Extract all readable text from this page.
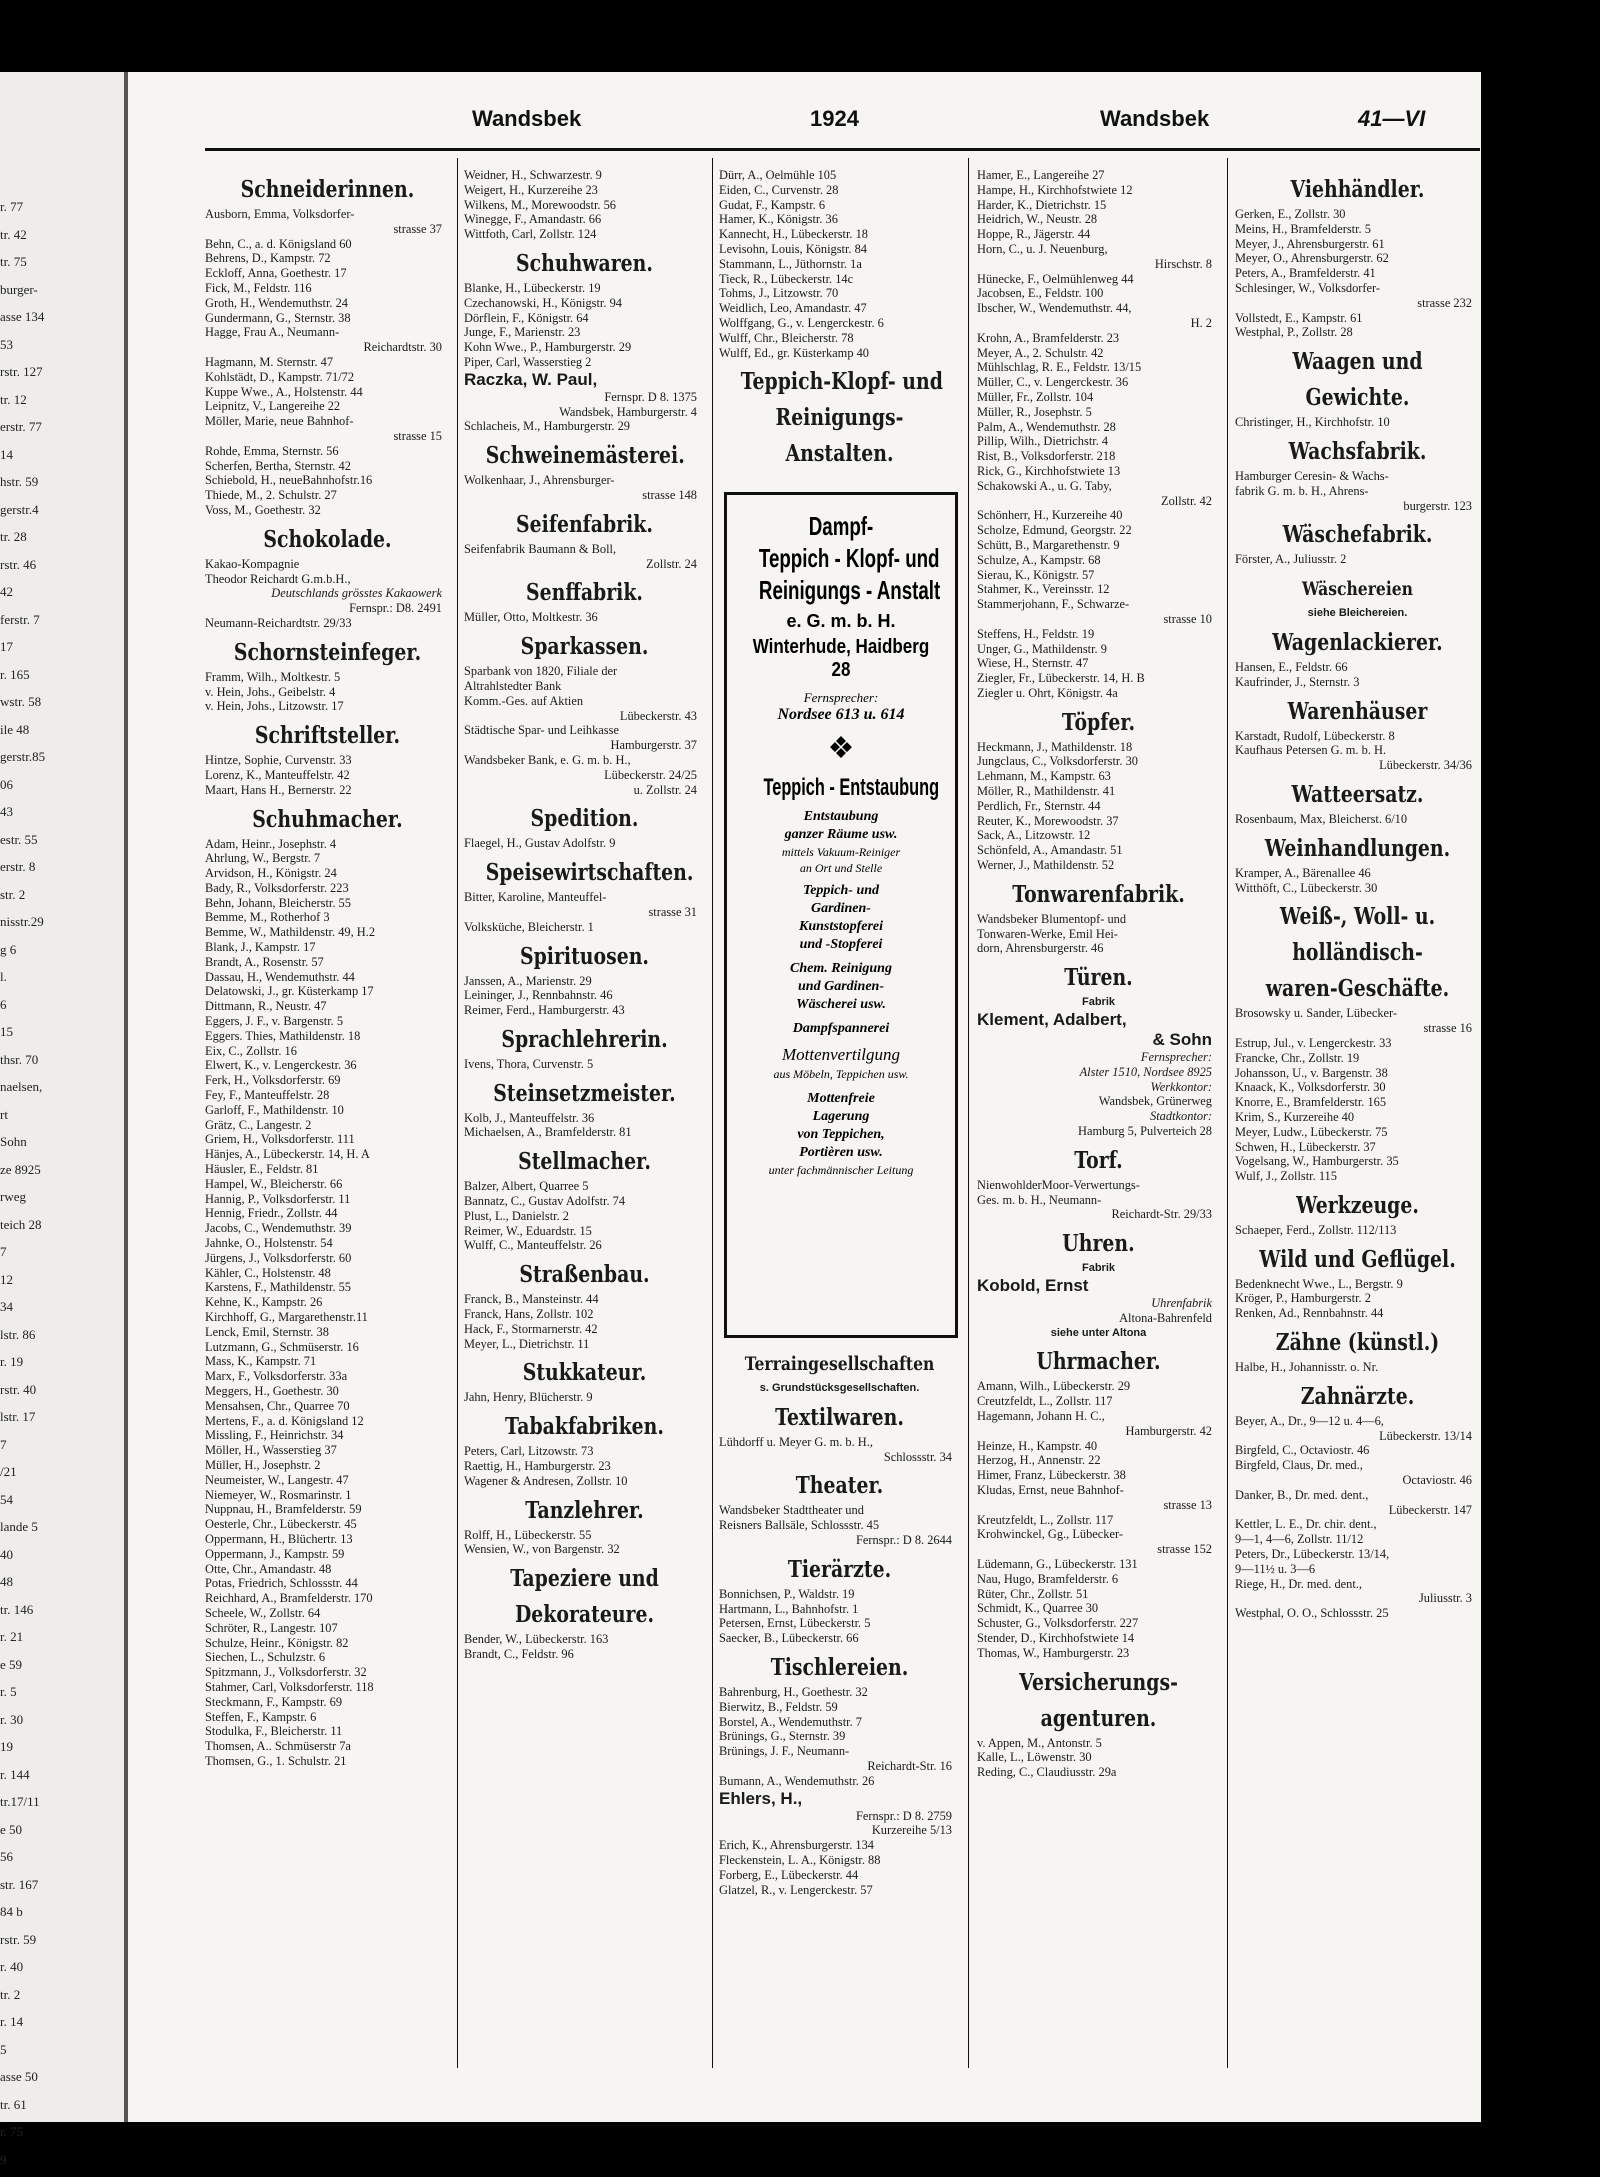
r. 77
tr. 42
tr. 75
burger-
asse 134
53
rstr. 127
tr. 12
erstr. 77
14
hstr. 59
gerstr.4
tr. 28
rstr. 46
42
ferstr. 7
17
r. 165
wstr. 58
ile 48
gerstr.85
06
43
estr. 55
erstr. 8
str. 2
nisstr.29
g 6
l.
6
15
thsr. 70
naelsen,
rt
Sohn
ze 8925
rweg
teich 28
7
12
34
lstr. 86
r. 19
rstr. 40
lstr. 17
7
/21
54
lande 5
40
48
tr. 146
r. 21
e 59
r. 5
r. 30
19
r. 144
tr.17/11
e 50
56
str. 167
84 b
rstr. 59
r. 40
tr. 2
r. 14
5
asse 50
tr. 61
r. 75
9
Wandsbek	1924	Wandsbek	41—VI
Schneiderinnen.
Ausborn, Emma, Volksdorfer-
strasse 37
Behn, C., a. d. Königsland 60
Behrens, D., Kampstr. 72
Eckloff, Anna, Goethestr. 17
Fick, M., Feldstr. 116
Groth, H., Wendemuthstr. 24
Gundermann, G., Sternstr. 38
Hagge, Frau A., Neumann-
Reichardtstr. 30
Hagmann, M. Sternstr. 47
Kohlstädt, D., Kampstr. 71/72
Kuppe Wwe., A., Holstenstr. 44
Leipnitz, V., Langereihe 22
Möller, Marie, neue Bahnhof-
strasse 15
Rohde, Emma, Sternstr. 56
Scherfen, Bertha, Sternstr. 42
Schiebold, H., neueBahnhofstr.16
Thiede, M., 2. Schulstr. 27
Voss, M., Goethestr. 32
Schokolade.
Kakao-Kompagnie
Theodor Reichardt G.m.b.H.,
Deutschlands grösstes Kakaowerk
Fernspr.: D8. 2491
Neumann-Reichardtstr. 29/33
Schornsteinfeger.
Framm, Wilh., Moltkestr. 5
v. Hein, Johs., Geibelstr. 4
v. Hein, Johs., Litzowstr. 17
Schriftsteller.
Hintze, Sophie, Curvenstr. 33
Lorenz, K., Manteuffelstr. 42
Maart, Hans H., Bernerstr. 22
Schuhmacher.
Adam, Heinr., Josephstr. 4
Ahrlung, W., Bergstr. 7
Arvidson, H., Königstr. 24
Bady, R., Volksdorferstr. 223
Behn, Johann, Bleicherstr. 55
Bemme, M., Rotherhof 3
Bemme, W., Mathildenstr. 49, H.2
Blank, J., Kampstr. 17
Brandt, A., Rosenstr. 57
Dassau, H., Wendemuthstr. 44
Delatowski, J., gr. Küsterkamp 17
Dittmann, R., Neustr. 47
Eggers, J. F., v. Bargenstr. 5
Eggers. Thies, Mathildenstr. 18
Eix, C., Zollstr. 16
Elwert, K., v. Lengerckestr. 36
Ferk, H., Volksdorferstr. 69
Fey, F., Manteuffelstr. 28
Garloff, F., Mathildenstr. 10
Grätz, C., Langestr. 2
Griem, H., Volksdorferstr. 111
Hänjes, A., Lübeckerstr. 14, H. A
Häusler, E., Feldstr. 81
Hampel, W., Bleicherstr. 66
Hannig, P., Volksdorferstr. 11
Hennig, Friedr., Zollstr. 44
Jacobs, C., Wendemuthstr. 39
Jahnke, O., Holstenstr. 54
Jürgens, J., Volksdorferstr. 60
Kähler, C., Holstenstr. 48
Karstens, F., Mathildenstr. 55
Kehne, K., Kampstr. 26
Kirchhoff, G., Margarethenstr.11
Lenck, Emil, Sternstr. 38
Lutzmann, G., Schmüserstr. 16
Mass, K., Kampstr. 71
Marx, F., Volksdorferstr. 33a
Meggers, H., Goethestr. 30
Mensahsen, Chr., Quarree 70
Mertens, F., a. d. Königsland 12
Missling, F., Heinrichstr. 34
Möller, H., Wasserstieg 37
Müller, H., Josephstr. 2
Neumeister, W., Langestr. 47
Niemeyer, W., Rosmarinstr. 1
Nuppnau, H., Bramfelderstr. 59
Oesterle, Chr., Lübeckerstr. 45
Oppermann, H., Blüchertr. 13
Oppermann, J., Kampstr. 59
Otte, Chr., Amandastr. 48
Potas, Friedrich, Schlossstr. 44
Reichhard, A., Bramfelderstr. 170
Scheele, W., Zollstr. 64
Schröter, R., Langestr. 107
Schulze, Heinr., Königstr. 82
Siechen, L., Schulzstr. 6
Spitzmann, J., Volksdorferstr. 32
Stahmer, Carl, Volksdorferstr. 118
Steckmann, F., Kampstr. 69
Steffen, F., Kampstr. 6
Stodulka, F., Bleicherstr. 11
Thomsen, A.. Schmüserstr 7a
Thomsen, G., 1. Schulstr. 21
Weidner, H., Schwarzestr. 9
Weigert, H., Kurzereihe 23
Wilkens, M., Morewoodstr. 56
Winegge, F., Amandastr. 66
Wittfoth, Carl, Zollstr. 124
Schuhwaren.
Blanke, H., Lübeckerstr. 19
Czechanowski, H., Königstr. 94
Dörflein, F., Königstr. 64
Junge, F., Marienstr. 23
Kohn Wwe., P., Hamburgerstr. 29
Piper, Carl, Wasserstieg 2
Raczka, W. Paul,
Fernspr. D 8. 1375
Wandsbek, Hamburgerstr. 4
Schlacheis, M., Hamburgerstr. 29
Schweinemästerei.
Wolkenhaar, J., Ahrensburger-
strasse 148
Seifenfabrik.
Seifenfabrik Baumann & Boll,
Zollstr. 24
Senffabrik.
Müller, Otto, Moltkestr. 36
Sparkassen.
Sparbank von 1820, Filiale der
Altrahlstedter Bank
Komm.-Ges. auf Aktien
Lübeckerstr. 43
Städtische Spar- und Leihkasse
Hamburgerstr. 37
Wandsbeker Bank, e. G. m. b. H.,
Lübeckerstr. 24/25
u. Zollstr. 24
Spedition.
Flaegel, H., Gustav Adolfstr. 9
Speisewirtschaften.
Bitter, Karoline, Manteuffel-
strasse 31
Volksküche, Bleicherstr. 1
Spirituosen.
Janssen, A., Marienstr. 29
Leininger, J., Rennbahnstr. 46
Reimer, Ferd., Hamburgerstr. 43
Sprachlehrerin.
Ivens, Thora, Curvenstr. 5
Steinsetzmeister.
Kolb, J., Manteuffelstr. 36
Michaelsen, A., Bramfelderstr. 81
Stellmacher.
Balzer, Albert, Quarree 5
Bannatz, C., Gustav Adolfstr. 74
Plust, L., Danielstr. 2
Reimer, W., Eduardstr. 15
Wulff, C., Manteuffelstr. 26
Straßenbau.
Franck, B., Mansteinstr. 44
Franck, Hans, Zollstr. 102
Hack, F., Stormarnerstr. 42
Meyer, L., Dietrichstr. 11
Stukkateur.
Jahn, Henry, Blücherstr. 9
Tabakfabriken.
Peters, Carl, Litzowstr. 73
Raettig, H., Hamburgerstr. 23
Wagener & Andresen, Zollstr. 10
Tanzlehrer.
Rolff, H., Lübeckerstr. 55
Wensien, W., von Bargenstr. 32
Tapeziere und
Dekorateure.
Bender, W., Lübeckerstr. 163
Brandt, C., Feldstr. 96
Dürr, A., Oelmühle 105
Eiden, C., Curvenstr. 28
Gudat, F., Kampstr. 6
Hamer, K., Königstr. 36
Kannecht, H., Lübeckerstr. 18
Levisohn, Louis, Königstr. 84
Stammann, L., Jüthornstr. 1a
Tieck, R., Lübeckerstr. 14c
Tohms, J., Litzowstr. 70
Weidlich, Leo, Amandastr. 47
Wolffgang, G., v. Lengerckestr. 6
Wulff, Chr., Bleicherstr. 78
Wulff, Ed., gr. Küsterkamp 40
Teppich-Klopf- und
Reinigungs-
Anstalten.
Terraingesellschaften
s. Grundstücksgesellschaften.
Textilwaren.
Lühdorff u. Meyer G. m. b. H.,
Schlossstr. 34
Theater.
Wandsbeker Stadttheater und
Reisners Ballsäle, Schlossstr. 45
Fernspr.: D 8. 2644
Tierärzte.
Bonnichsen, P., Waldstr. 19
Hartmann, L., Bahnhofstr. 1
Petersen, Ernst, Lübeckerstr. 5
Saecker, B., Lübeckerstr. 66
Tischlereien.
Bahrenburg, H., Goethestr. 32
Bierwitz, B., Feldstr. 59
Borstel, A., Wendemuthstr. 7
Brünings, G., Sternstr. 39
Brünings, J. F., Neumann-
Reichardt-Str. 16
Bumann, A., Wendemuthstr. 26
Ehlers, H.,
Fernspr.: D 8. 2759
Kurzereihe 5/13
Erich, K., Ahrensburgerstr. 134
Fleckenstein, L. A., Königstr. 88
Forberg, E., Lübeckerstr. 44
Glatzel, R., v. Lengerckestr. 57
Hamer, E., Langereihe 27
Hampe, H., Kirchhofstwiete 12
Harder, K., Dietrichstr. 15
Heidrich, W., Neustr. 28
Hoppe, R., Jägerstr. 44
Horn, C., u. J. Neuenburg,
Hirschstr. 8
Hünecke, F., Oelmühlenweg 44
Jacobsen, E., Feldstr. 100
Ibscher, W., Wendemuthstr. 44,
H. 2
Krohn, A., Bramfelderstr. 23
Meyer, A., 2. Schulstr. 42
Mühlschlag, R. E., Feldstr. 13/15
Müller, C., v. Lengerckestr. 36
Müller, Fr., Zollstr. 104
Müller, R., Josephstr. 5
Palm, A., Wendemuthstr. 28
Pillip, Wilh., Dietrichstr. 4
Rist, B., Volksdorferstr. 218
Rick, G., Kirchhofstwiete 13
Schakowski A., u. G. Taby,
Zollstr. 42
Schönherr, H., Kurzereihe 40
Scholze, Edmund, Georgstr. 22
Schütt, B., Margarethenstr. 9
Schulze, A., Kampstr. 68
Sierau, K., Königstr. 57
Stahmer, K., Vereinsstr. 12
Stammerjohann, F., Schwarze-
strasse 10
Steffens, H., Feldstr. 19
Unger, G., Mathildenstr. 9
Wiese, H., Sternstr. 47
Ziegler, Fr., Lübeckerstr. 14, H. B
Ziegler u. Ohrt, Königstr. 4a
Töpfer.
Heckmann, J., Mathildenstr. 18
Jungclaus, C., Volksdorferstr. 30
Lehmann, M., Kampstr. 63
Möller, R., Mathildenstr. 41
Perdlich, Fr., Sternstr. 44
Reuter, K., Morewoodstr. 37
Sack, A., Litzowstr. 12
Schönfeld, A., Amandastr. 51
Werner, J., Mathildenstr. 52
Tonwarenfabrik.
Wandsbeker Blumentopf- und
Tonwaren-Werke, Emil Hei-
dorn, Ahrensburgerstr. 46
Türen.
Fabrik
Klement, Adalbert,
& Sohn
Fernsprecher:
Alster 1510, Nordsee 8925
Werkkontor:
Wandsbek, Grünerweg
Stadtkontor:
Hamburg 5, Pulverteich 28
Torf.
NienwohlderMoor-Verwertungs-
Ges. m. b. H., Neumann-
Reichardt-Str. 29/33
Uhren.
Fabrik
Kobold, Ernst
Uhrenfabrik
Altona-Bahrenfeld
siehe unter Altona
Uhrmacher.
Amann, Wilh., Lübeckerstr. 29
Creutzfeldt, L., Zollstr. 117
Hagemann, Johann H. C.,
Hamburgerstr. 42
Heinze, H., Kampstr. 40
Herzog, H., Annenstr. 22
Himer, Franz, Lübeckerstr. 38
Kludas, Ernst, neue Bahnhof-
strasse 13
Kreutzfeldt, L., Zollstr. 117
Krohwinckel, Gg., Lübecker-
strasse 152
Lüdemann, G., Lübeckerstr. 131
Nau, Hugo, Bramfelderstr. 6
Rüter, Chr., Zollstr. 51
Schmidt, K., Quarree 30
Schuster, G., Volksdorferstr. 227
Stender, D., Kirchhofstwiete 14
Thomas, W., Hamburgerstr. 23
Versicherungs-
agenturen.
v. Appen, M., Antonstr. 5
Kalle, L., Löwenstr. 30
Reding, C., Claudiusstr. 29a
Viehhändler.
Gerken, E., Zollstr. 30
Meins, H., Bramfelderstr. 5
Meyer, J., Ahrensburgerstr. 61
Meyer, O., Ahrensburgerstr. 62
Peters, A., Bramfelderstr. 41
Schlesinger, W., Volksdorfer-
strasse 232
Vollstedt, E., Kampstr. 61
Westphal, P., Zollstr. 28
Waagen und
Gewichte.
Christinger, H., Kirchhofstr. 10
Wachsfabrik.
Hamburger Ceresin- & Wachs-
fabrik G. m. b. H., Ahrens-
burgerstr. 123
Wäschefabrik.
Förster, A., Juliusstr. 2
Wäschereien
siehe Bleichereien.
Wagenlackierer.
Hansen, E., Feldstr. 66
Kaufrinder, J., Sternstr. 3
Warenhäuser
Karstadt, Rudolf, Lübeckerstr. 8
Kaufhaus Petersen G. m. b. H.
Lübeckerstr. 34/36
Watteersatz.
Rosenbaum, Max, Bleicherst. 6/10
Weinhandlungen.
Kramper, A., Bärenallee 46
Witthöft, C., Lübeckerstr. 30
Weiß-, Woll- u.
holländisch-
waren-Geschäfte.
Brosowsky u. Sander, Lübecker-
strasse 16
Estrup, Jul., v. Lengerckestr. 33
Francke, Chr., Zollstr. 19
Johansson, U., v. Bargenstr. 38
Knaack, K., Volksdorferstr. 30
Knorre, E., Bramfelderstr. 165
Krim, S., Kurzereihe 40
Meyer, Ludw., Lübeckerstr. 75
Schwen, H., Lübeckerstr. 37
Vogelsang, W., Hamburgerstr. 35
Wulf, J., Zollstr. 115
Werkzeuge.
Schaeper, Ferd., Zollstr. 112/113
Wild und Geflügel.
Bedenknecht Wwe., L., Bergstr. 9
Kröger, P., Hamburgerstr. 2
Renken, Ad., Rennbahnstr. 44
Zähne (künstl.)
Halbe, H., Johannisstr. o. Nr.
Zahnärzte.
Beyer, A., Dr., 9—12 u. 4—6,
Lübeckerstr. 13/14
Birgfeld, C., Octaviostr. 46
Birgfeld, Claus, Dr. med.,
Octaviostr. 46
Danker, B., Dr. med. dent.,
Lübeckerstr. 147
Kettler, L. E., Dr. chir. dent.,
9—1, 4—6, Zollstr. 11/12
Peters, Dr., Lübeckerstr. 13/14,
9—11½ u. 3—6
Riege, H., Dr. med. dent.,
Juliusstr. 3
Westphal, O. O., Schlossstr. 25
Dampf-
Teppich - Klopf- und
Reinigungs - Anstalt
e. G. m. b. H.
Winterhude, Haidberg 28
Fernsprecher:
Nordsee 613 u. 614
❖
Teppich - Entstaubung
Entstaubung
ganzer Räume usw.
mittels Vakuum-Reiniger
an Ort und Stelle
Teppich- und
Gardinen-
Kunststopferei
und -Stopferei
Chem. Reinigung
und Gardinen-
Wäscherei usw.
Dampfspannerei
Mottenvertilgung
aus Möbeln, Teppichen usw.
Mottenfreie
Lagerung
von Teppichen,
Portièren usw.
unter fachmännischer Leitung
